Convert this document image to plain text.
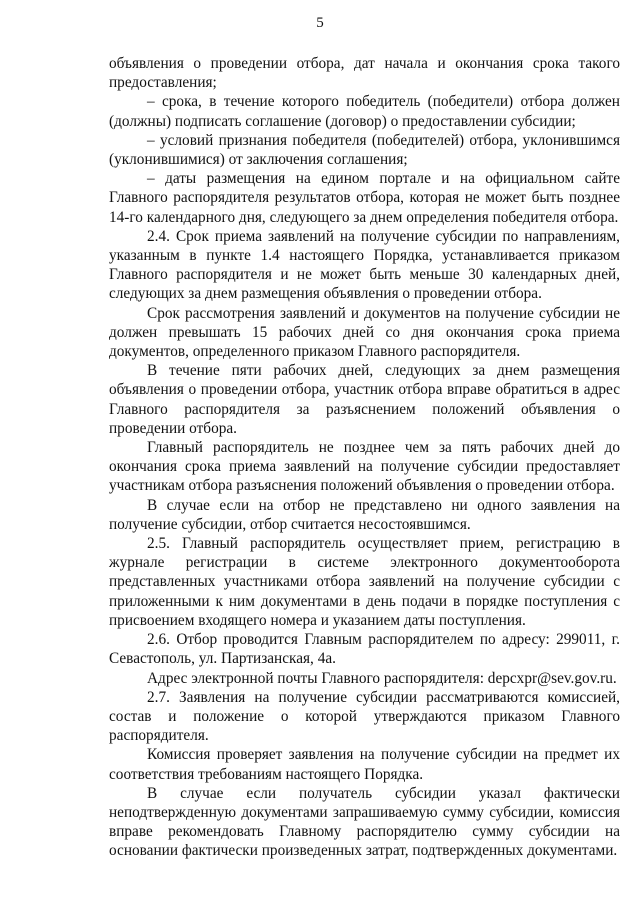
5

объявления о проведении отбора, дат начала и окончания срока такого предоставления;

– срока, в течение которого победитель (победители) отбора должен (должны) подписать соглашение (договор) о предоставлении субсидии;

– условий признания победителя (победителей) отбора, уклонившимся (уклонившимися) от заключения соглашения;

– даты размещения на едином портале и на официальном сайте Главного распорядителя результатов отбора, которая не может быть позднее 14-го календарного дня, следующего за днем определения победителя отбора.

2.4. Срок приема заявлений на получение субсидии по направлениям, указанным в пункте 1.4 настоящего Порядка, устанавливается приказом Главного распорядителя и не может быть меньше 30 календарных дней, следующих за днем размещения объявления о проведении отбора.

Срок рассмотрения заявлений и документов на получение субсидии не должен превышать 15 рабочих дней со дня окончания срока приема документов, определенного приказом Главного распорядителя.

В течение пяти рабочих дней, следующих за днем размещения объявления о проведении отбора, участник отбора вправе обратиться в адрес Главного распорядителя за разъяснением положений объявления о проведении отбора.

Главный распорядитель не позднее чем за пять рабочих дней до окончания срока приема заявлений на получение субсидии предоставляет участникам отбора разъяснения положений объявления о проведении отбора.

В случае если на отбор не представлено ни одного заявления на получение субсидии, отбор считается несостоявшимся.

2.5. Главный распорядитель осуществляет прием, регистрацию в журнале регистрации в системе электронного документооборота представленных участниками отбора заявлений на получение субсидии с приложенными к ним документами в день подачи в порядке поступления с присвоением входящего номера и указанием даты поступления.

2.6. Отбор проводится Главным распорядителем по адресу: 299011, г. Севастополь, ул. Партизанская, 4а.

Адрес электронной почты Главного распорядителя: depcxpr@sev.gov.ru.

2.7. Заявления на получение субсидии рассматриваются комиссией, состав и положение о которой утверждаются приказом Главного распорядителя.

Комиссия проверяет заявления на получение субсидии на предмет их соответствия требованиям настоящего Порядка.

В случае если получатель субсидии указал фактически неподтвержденную документами запрашиваемую сумму субсидии, комиссия вправе рекомендовать Главному распорядителю сумму субсидии на основании фактически произведенных затрат, подтвержденных документами.
